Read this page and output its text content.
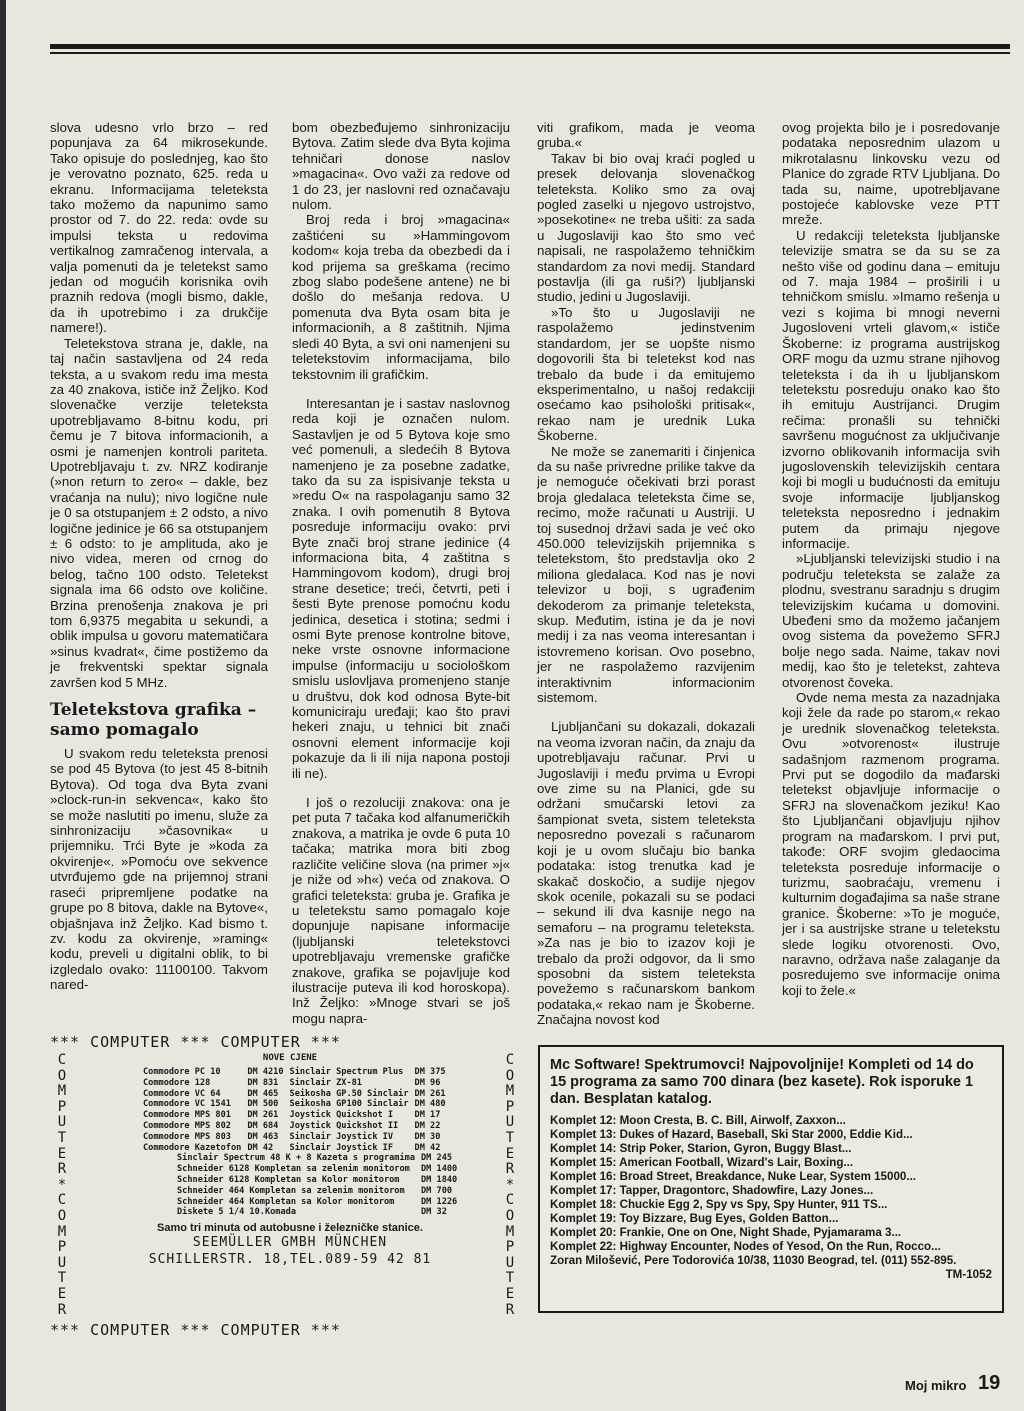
slova udesno vrlo brzo – red popunjava za 64 mikrosekunde. Tako opisuje do poslednjeg, kao što je verovatno poznato, 625. reda u ekranu. Informacijama teleteksta tako možemo da napunimo samo prostor od 7. do 22. reda: ovde su impulsi teksta u redovima vertikalnog zamračenog intervala, a valja pomenuti da je teletekst samo jedan od mogućih korisnika ovih praznih redova (mogli bismo, dakle, da ih upotrebimo i za drukčije namere!).

Teletekstova strana je, dakle, na taj način sastavljena od 24 reda teksta, a u svakom redu ima mesta za 40 znakova, ističe inž Željko. Kod slovenačke verzije teleteksta upotrebljavamo 8-bitnu kodu, pri čemu je 7 bitova informacionih, a osmi je namenjen kontroli pariteta. Upotrebljavaju t. zv. NRZ kodiranje (»non return to zero« – dakle, bez vraćanja na nulu); nivo logične nule je 0 sa otstupanjem ± 2 odsto, a nivo logične jedinice je 66 sa otstupanjem ± 6 odsto: to je amplituda, ako je nivo videa, meren od crnog do belog, tačno 100 odsto. Teletekst signala ima 66 odsto ove količine. Brzina prenošenja znakova je pri tom 6,9375 megabita u sekundi, a oblik impulsa u govoru matematičara »sinus kvadrat«, čime postižemo da je frekventski spektar signala završen kod 5 MHz.

Teletekstova grafika – samo pomagalo

U svakom redu teleteksta prenosi se pod 45 Bytova (to jest 45 8-bitnih Bytova). Od toga dva Byta zvani »clock-run-in sekvenca«, kako što se može naslutiti po imenu, služe za sinhronizaciju »časovnika« u prijemniku. Trći Byte je »koda za okvirenje«. »Pomoću ove sekvence utvrđujemo gde na prijemnoj strani raseći pripremljene podatke na grupe po 8 bitova, dakle na Bytove«, objašnjava inž Željko. Kad bismo t. zv. kodu za okvirenje, »raming« kodu, preveli u digitalni oblik, to bi izgledalo ovako: 11100100. Takvom nared-

bom obezbeđujemo sinhronizaciju Bytova. Zatim slede dva Byta kojima tehničari donose naslov »magacina«. Ovo važi za redove od 1 do 23, jer naslovni red označavaju nulom.

Broj reda i broj »magacina« zaštićeni su »Hammingovom kodom« koja treba da obezbedi da i kod prijema sa greškama (recimo zbog slabo podešene antene) ne bi došlo do mešanja redova. U pomenuta dva Byta osam bita je informacionih, a 8 zaštitnih. Njima sledi 40 Byta, a svi oni namenjeni su teletekstovim informacijama, bilo tekstovnim ili grafičkim.

Interesantan je i sastav naslovnog reda koji je označen nulom. Sastavljen je od 5 Bytova koje smo već pomenuli, a sledećih 8 Bytova namenjeno je za posebne zadatke, tako da su za ispisivanje teksta u »redu O« na raspolaganju samo 32 znaka. I ovih pomenutih 8 Bytova posreduje informaciju ovako: prvi Byte znači broj strane jedinice (4 informaciona bita, 4 zaštitna s Hammingovom kodom), drugi broj strane desetice; treći, četvrti, peti i šesti Byte prenose pomoćnu kodu jedinica, desetica i stotina; sedmi i osmi Byte prenose kontrolne bitove, neke vrste osnovne informacione impulse (informaciju u sociološkom smislu uslovljava promenjeno stanje u društvu, dok kod odnosa Byte-bit komuniciraju uređaji; kao što pravi hekeri znaju, u tehnici bit znači osnovni element informacije koji pokazuje da li ili nija napona postoji ili ne).

I još o rezoluciji znakova: ona je pet puta 7 tačaka kod alfanumeričkih znakova, a matrika je ovde 6 puta 10 tačaka; matrika mora biti zbog različite veličine slova (na primer »j« je niže od »h«) veća od znakova. O grafici teleteksta: gruba je. Grafika je u teletekstu samo pomagalo koje dopunjuje napisane informacije (ljubljanski teletekstovci upotrebljavaju vremenske grafičke znakove, grafika se pojavljuje kod ilustracije puteva ili kod horoskopa). Inž Željko: »Mnoge stvari se još mogu napra-

viti grafikom, mada je veoma gruba.«

Takav bi bio ovaj kraći pogled u presek delovanja slovenačkog teleteksta. Koliko smo za ovaj pogled zaselki u njegovo ustrojstvo, »posekotine« ne treba ušiti: za sada u Jugoslaviji kao što smo već napisali, ne raspolažemo tehničkim standardom za novi medij. Standard postavlja (ili ga ruši?) ljubljanski studio, jedini u Jugoslaviji.

»To što u Jugoslaviji ne raspolažemo jedinstvenim standardom, jer se uopšte nismo dogovorili šta bi teletekst kod nas trebalo da bude i da emitujemo eksperimentalno, u našoj redakciji osećamo kao psihološki pritisak«, rekao nam je urednik Luka Škoberne.

Ne može se zanemariti i činjenica da su naše privredne prilike takve da je nemoguće očekivati brzi porast broja gledalaca teleteksta čime se, recimo, može računati u Austriji. U toj susednoj državi sada je već oko 450.000 televizijskih prijemnika s teletekstom, što predstavlja oko 2 miliona gledalaca. Kod nas je novi televizor u boji, s ugrađenim dekoderom za primanje teleteksta, skup. Međutim, istina je da je novi medij i za nas veoma interesantan i istovremeno korisan. Ovo posebno, jer ne raspolažemo razvijenim interaktivnim informacionim sistemom.

Ljubljančani su dokazali, dokazali na veoma izvoran način, da znaju da upotrebljavaju računar. Prvi u Jugoslaviji i među prvima u Evropi ove zime su na Planici, gde su održani smučarski letovi za šampionat sveta, sistem teleteksta neposredno povezali s računarom koji je u ovom slučaju bio banka podataka: istog trenutka kad je skakač doskočio, a sudije njegov skok ocenile, pokazali su se podaci – sekund ili dva kasnije nego na semaforu – na programu teleteksta. »Za nas je bio to izazov koji je trebalo da proži odgovor, da li smo sposobni da sistem teleteksta povežemo s računarskom bankom podataka,« rekao nam je Škoberne. Značajna novost kod

ovog projekta bilo je i posredovanje podataka neposrednim ulazom u mikrotalasnu linkovsku vezu od Planice do zgrade RTV Ljubljana. Do tada su, naime, upotrebljavane postojeće kablovske veze PTT mreže.

U redakciji teleteksta ljubljanske televizije smatra se da su se za nešto više od godinu dana – emituju od 7. maja 1984 – proširili i u tehničkom smislu. »Imamo rešenja u vezi s kojima bi mnogi neverni Jugosloveni vrteli glavom,« ističe Škoberne: iz programa austrijskog ORF mogu da uzmu strane njihovog teleteksta i da ih u ljubljanskom teletekstu posreduju onako kao što ih emituju Austrijanci. Drugim rečima: pronašli su tehnički savršenu mogućnost za uključivanje izvorno oblikovanih informacija svih jugoslovenskih televizijskih centara koji bi mogli u budućnosti da emituju svoje informacije ljubljanskog teleteksta neposredno i jednakim putem da primaju njegove informacije.

»Ljubljanski televizijski studio i na području teleteksta se zalaže za plodnu, svestranu saradnju s drugim televizijskim kućama u domovini. Ubeđeni smo da možemo jačanjem ovog sistema da povežemo SFRJ bolje nego sada. Naime, takav novi medij, kao što je teletekst, zahteva otvorenost čoveka.

Ovde nema mesta za nazadnjaka koji žele da rade po starom,« rekao je urednik slovenačkog teleteksta. Ovu »otvorenost« ilustruje sadašnjom razmenom programa. Prvi put se dogodilo da mađarski teletekst objavljuje informacije o SFRJ na slovenačkom jeziku! Kao što Ljubljančani objavljuju njihov program na mađarskom. I prvi put, takođe: ORF svojim gledaocima teleteksta posreduje informacije o turizmu, saobraćaju, vremenu i kulturnim događajima sa naše strane granice. Škoberne: »To je moguće, jer i sa austrijske strane u teletekstu slede logiku otvorenosti. Ovo, naravno, održava naše zalaganje da posredujemo sve informacije onima koji to žele.«

*** COMPUTER *** COMPUTER ***
COMPUTER*COMPUTER
COMPUTER*COMPUTER
NOVE CJENE
Commodore PC 10	DM 4210	Sinclair Spectrum Plus	DM 375
Commodore 128	DM 831	Sinclair ZX-81	DM 96
Commodore VC 64	DM 465	Seikosha GP.50 Sinclair	DM 261
Commodore VC 1541	DM 500	Seikosha GP100 Sinclair	DM 480
Commodore MPS 801	DM 261	Joystick Quickshot I	DM 17
Commodore MPS 802	DM 684	Joystick Quickshot II	DM 22
Commodore MPS 803	DM 463	Sinclair Joystick IV	DM 30
Commodore Kazetofon	DM 42	Sinclair Joystick IF	DM 42
Sinclair Spectrum 48 K + 8 Kazeta s programima	DM 245
Schneider 6128 Kompletan sa zelenim monitorom	DM 1400
Schneider 6128 Kompletan sa Kolor monitorom	DM 1840
Schneider 464 Kompletan sa zelenim monitorom	DM 700
Schneider 464 Kompletan sa Kolor monitorom	DM 1226
Diskete 5 1/4 10.Komada	DM 32
Samo tri minuta od autobusne i železničke stanice.
SEEMÜLLER GMBH MÜNCHEN
SCHILLERSTR. 18,TEL.089-59 42 81
*** COMPUTER *** COMPUTER ***
Mc Software! Spektrumovci! Najpovoljnije! Kompleti od 14 do 15 programa za samo 700 dinara (bez kasete). Rok isporuke 1 dan. Besplatan katalog.
Komplet 12: Moon Cresta, B. C. Bill, Airwolf, Zaxxon...
Komplet 13: Dukes of Hazard, Baseball, Ski Star 2000, Eddie Kid...
Komplet 14: Strip Poker, Starion, Gyron, Buggy Blast...
Komplet 15: American Football, Wizard's Lair, Boxing...
Komplet 16: Broad Street, Breakdance, Nuke Lear, System 15000...
Komplet 17: Tapper, Dragontorc, Shadowfire, Lazy Jones...
Komplet 18: Chuckie Egg 2, Spy vs Spy, Spy Hunter, 911 TS...
Komplet 19: Toy Bizzare, Bug Eyes, Golden Batton...
Komplet 20: Frankie, One on One, Night Shade, Pyjamarama 3...
Komplet 22: Highway Encounter, Nodes of Yesod, On the Run, Rocco...
Zoran Milošević, Pere Todorovića 10/38, 11030 Beograd, tel. (011) 552-895.
TM-1052
Moj mikro 19
